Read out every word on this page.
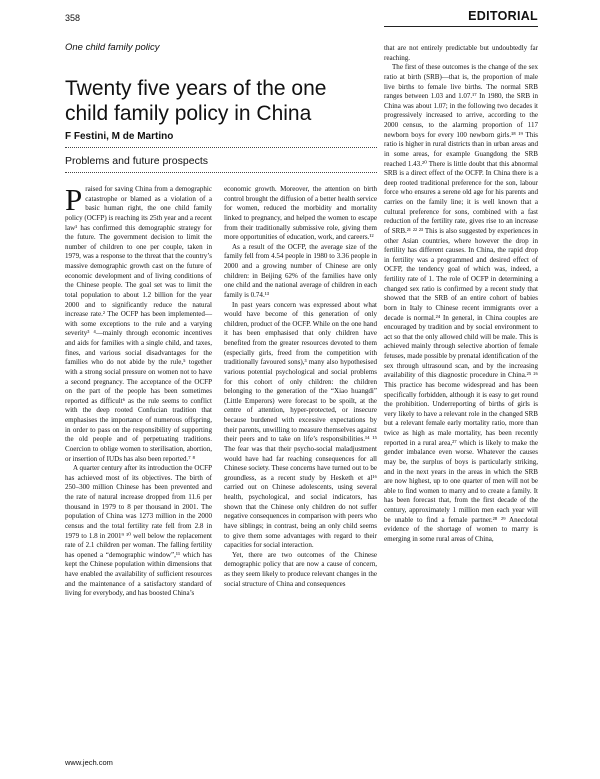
358	EDITORIAL
One child family policy
Twenty five years of the one child family policy in China
F Festini, M de Martino
Problems and future prospects

Praised for saving China from a demographic catastrophe or blamed as a violation of a basic human right, the one child family policy (OCFP) is reaching its 25th year and a recent law¹ has confirmed this demographic strategy for the future. The government decision to limit the number of children to one per couple, taken in 1979, was a response to the threat that the country’s massive demographic growth cast on the future of economic development and of living conditions of the Chinese people. The goal set was to limit the total population to about 1.2 billion for the year 2000 and to significantly reduce the natural increase rate.² The OCFP has been implemented—with some exceptions to the rule and a varying severity³ ⁴—mainly through economic incentives and aids for families with a single child, and taxes, fines, and various social disadvantages for the families who do not abide by the rule,⁵ together with a strong social pressure on women not to have a second pregnancy. The acceptance of the OCFP on the part of the people has been sometimes reported as difficult⁶ as the rule seems to conflict with the deep rooted Confucian tradition that emphasises the importance of numerous offspring, in order to pass on the responsibility of supporting the old people and of perpetuating traditions. Coercion to oblige women to sterilisation, abortion, or insertion of IUDs has also been reported.⁷ ⁸

A quarter century after its introduction the OCFP has achieved most of its objectives. The birth of 250–300 million Chinese has been prevented and the rate of natural increase dropped from 11.6 per thousand in 1979 to 8 per thousand in 2001. The population of China was 1273 million in the 2000 census and the total fertility rate fell from 2.8 in 1979 to 1.8 in 2001⁹ ¹⁰ well below the replacement rate of 2.1 children per woman. The falling fertility has opened a “demographic window”,¹¹ which has kept the Chinese population within dimensions that have enabled the availability of sufficient resources and the maintenance of a satisfactory standard of living for everybody, and has boosted China’s

economic growth. Moreover, the attention on birth control brought the diffusion of a better health service for women, reduced the morbidity and mortality linked to pregnancy, and helped the women to escape from their traditionally submissive role, giving them more opportunities of education, work, and careers.¹²

As a result of the OCFP, the average size of the family fell from 4.54 people in 1980 to 3.36 people in 2000 and a growing number of Chinese are only children: in Beijing 62% of the families have only one child and the national average of children in each family is 0.74.¹³

In past years concern was expressed about what would have become of this generation of only children, product of the OCFP. While on the one hand it has been emphasised that only children have benefited from the greater resources devoted to them (especially girls, freed from the competition with traditionally favoured sons),³ many also hypothesised various potential psychological and social problems for this cohort of only children: the children belonging to the generation of the “Xiao huangdi” (Little Emperors) were forecast to be spoilt, at the centre of attention, hyper-protected, or insecure because burdened with excessive expectations by their parents, unwilling to measure themselves against their peers and to take on life’s responsibilities.¹⁴ ¹⁵ The fear was that their psycho-social maladjustment would have had far reaching consequences for all Chinese society. These concerns have turned out to be groundless, as a recent study by Hesketh et al¹⁶ carried out on Chinese adolescents, using several health, psychological, and social indicators, has shown that the Chinese only children do not suffer negative consequences in comparison with peers who have siblings; in contrast, being an only child seems to give them some advantages with regard to their capacities for social interaction.

Yet, there are two outcomes of the Chinese demographic policy that are now a cause of concern, as they seem likely to produce relevant changes in the social structure of China and consequences

that are not entirely predictable but undoubtedly far reaching.

The first of these outcomes is the change of the sex ratio at birth (SRB)—that is, the proportion of male live births to female live births. The normal SRB ranges between 1.03 and 1.07.¹⁷ In 1980, the SRB in China was about 1.07; in the following two decades it progressively increased to arrive, according to the 2000 census, to the alarming proportion of 117 newborn boys for every 100 newborn girls.¹⁸ ¹⁹ This ratio is higher in rural districts than in urban areas and in some areas, for example Guangdong the SRB reached 1.43.²⁰ There is little doubt that this abnormal SRB is a direct effect of the OCFP. In China there is a deep rooted traditional preference for the son, labour force who ensures a serene old age for his parents and carries on the family line; it is well known that a cultural preference for sons, combined with a fast reduction of the fertility rate, gives rise to an increase of SRB.²¹ ²² ²³ This is also suggested by experiences in other Asian countries, where however the drop in fertility has different causes. In China, the rapid drop in fertility was a programmed and desired effect of OCFP, the tendency goal of which was, indeed, a fertility rate of 1. The role of OCFP in determining a changed sex ratio is confirmed by a recent study that showed that the SRB of an entire cohort of babies born in Italy to Chinese recent immigrants over a decade is normal.²⁴ In general, in China couples are encouraged by tradition and by social environment to act so that the only allowed child will be male. This is achieved mainly through selective abortion of female fetuses, made possible by prenatal identification of the sex through ultrasound scan, and by the increasing availability of this diagnostic procedure in China.²⁵ ²⁶ This practice has become widespread and has been specifically forbidden, although it is easy to get round the prohibition. Underreporting of births of girls is very likely to have a relevant role in the changed SRB but a relevant female early mortality ratio, more than twice as high as male mortality, has been recently reported in a rural area,²⁷ which is likely to make the gender imbalance even worse. Whatever the causes may be, the surplus of boys is particularly striking, and in the next years in the areas in which the SRB are now highest, up to one quarter of men will not be able to find women to marry and to create a family. It has been forecast that, from the first decade of the century, approximately 1 million men each year will be unable to find a female partner.²⁸ ²⁹ Anecdotal evidence of the shortage of women to marry is emerging in some rural areas of China,

www.jech.com
